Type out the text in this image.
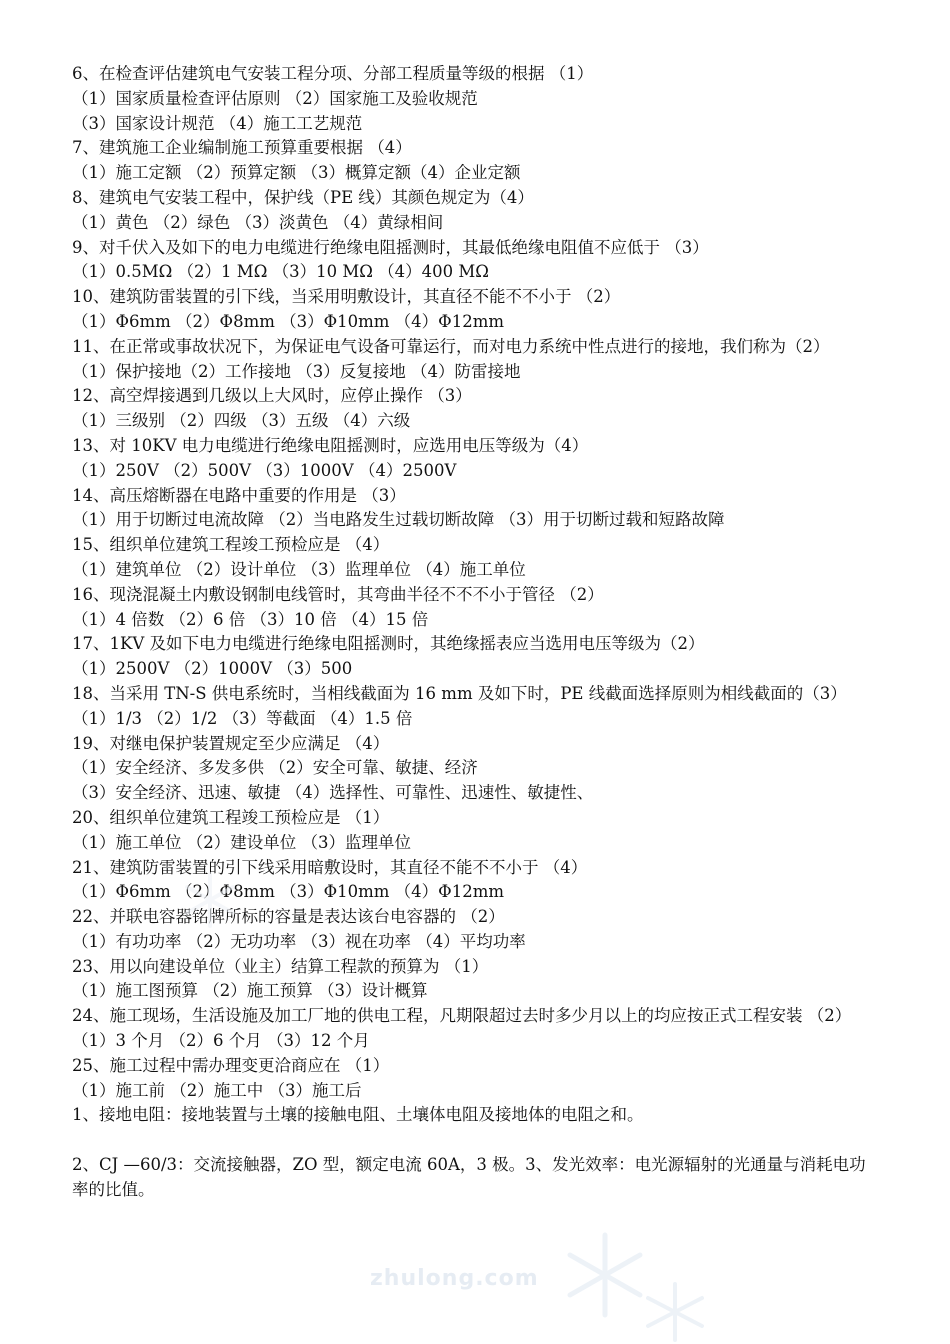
6、在检查评估建筑电气安装工程分项、分部工程质量等级的根据 （1）
（1）国家质量检查评估原则 （2）国家施工及验收规范
（3）国家设计规范 （4）施工工艺规范
7、建筑施工企业编制施工预算重要根据 （4）
（1）施工定额 （2）预算定额 （3）概算定额（4）企业定额
8、建筑电气安装工程中，保护线（PE 线）其颜色规定为（4）
（1）黄色 （2）绿色 （3）淡黄色 （4）黄绿相间
9、对千伏入及如下的电力电缆进行绝缘电阻摇测时，其最低绝缘电阻值不应低于 （3）
（1）0.5MΩ （2）1 MΩ （3）10 MΩ （4）400 MΩ
10、建筑防雷装置的引下线，当采用明敷设计，其直径不能不不小于 （2）
（1）Φ6mm （2）Φ8mm （3）Φ10mm （4）Φ12mm
11、在正常或事故状况下，为保证电气设备可靠运行，而对电力系统中性点进行的接地，我们称为（2）
（1）保护接地（2）工作接地 （3）反复接地 （4）防雷接地
12、高空焊接遇到几级以上大风时，应停止操作 （3）
（1）三级别 （2）四级 （3）五级 （4）六级
13、对 10KV 电力电缆进行绝缘电阻摇测时，应选用电压等级为（4）
（1）250V （2）500V （3）1000V （4）2500V
14、高压熔断器在电路中重要的作用是 （3）
（1）用于切断过电流故障 （2）当电路发生过载切断故障 （3）用于切断过载和短路故障
15、组织单位建筑工程竣工预检应是 （4）
（1）建筑单位 （2）设计单位 （3）监理单位 （4）施工单位
16、现浇混凝土内敷设钢制电线管时，其弯曲半径不不不小于管径 （2）
（1）4 倍数 （2）6 倍 （3）10 倍 （4）15 倍
17、1KV 及如下电力电缆进行绝缘电阻摇测时，其绝缘摇表应当选用电压等级为（2）
（1）2500V （2）1000V （3）500
18、当采用 TN-S 供电系统时，当相线截面为 16 mm 及如下时，PE 线截面选择原则为相线截面的（3）
（1）1/3 （2）1/2 （3）等截面 （4）1.5 倍
19、对继电保护装置规定至少应满足 （4）
（1）安全经济、多发多供 （2）安全可靠、敏捷、经济
（3）安全经济、迅速、敏捷 （4）选择性、可靠性、迅速性、敏捷性、
20、组织单位建筑工程竣工预检应是 （1）
（1）施工单位 （2）建设单位 （3）监理单位
21、建筑防雷装置的引下线采用暗敷设时，其直径不能不不小于 （4）
（1）Φ6mm （2）Φ8mm （3）Φ10mm （4）Φ12mm
22、并联电容器铭牌所标的容量是表达该台电容器的 （2）
（1）有功功率 （2）无功功率 （3）视在功率 （4）平均功率
23、用以向建设单位（业主）结算工程款的预算为 （1）
（1）施工图预算 （2）施工预算 （3）设计概算
24、施工现场，生活设施及加工厂地的供电工程，凡期限超过去时多少月以上的均应按正式工程安装 （2）
（1）3 个月 （2）6 个月 （3）12 个月
25、施工过程中需办理变更洽商应在 （1）
（1）施工前 （2）施工中 （3）施工后
1、接地电阻：接地装置与土壤的接触电阻、土壤体电阻及接地体的电阻之和。
2、CJ —60/3：交流接触器，ZO 型，额定电流 60A，3 极。3、发光效率：电光源辐射的光通量与消耗电功率的比值。
zhulong.com
